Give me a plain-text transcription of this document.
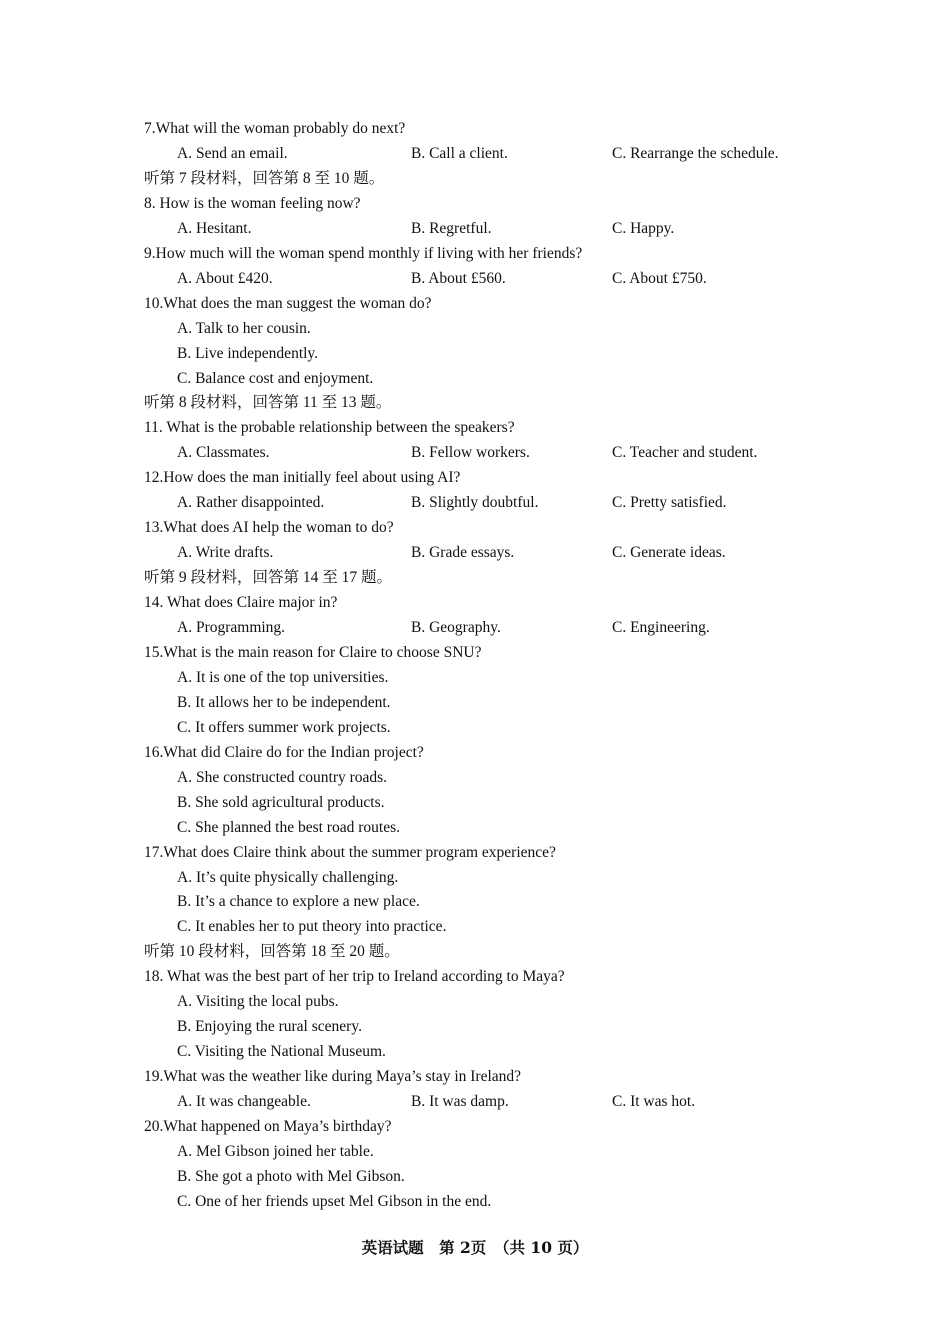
7.What will the woman probably do next?
A. Send an email.	B. Call a client.	C. Rearrange the schedule.
听第 7 段材料，回答第 8 至 10 题。
8. How is the woman feeling now?
A. Hesitant.	B. Regretful.	C. Happy.
9.How much will the woman spend monthly if living with her friends?
A. About £420.	B. About £560.	C. About £750.
10.What does the man suggest the woman do?
A. Talk to her cousin.
B. Live independently.
C. Balance cost and enjoyment.
听第 8 段材料，回答第 11 至 13 题。
11. What is the probable relationship between the speakers?
A. Classmates.	B. Fellow workers.	C. Teacher and student.
12.How does the man initially feel about using AI?
A. Rather disappointed.	B. Slightly doubtful.	C. Pretty satisfied.
13.What does AI help the woman to do?
A. Write drafts.	B. Grade essays.	C. Generate ideas.
听第 9 段材料，回答第 14 至 17 题。
14. What does Claire major in?
A. Programming.	B. Geography.	C. Engineering.
15.What is the main reason for Claire to choose SNU?
A. It is one of the top universities.
B. It allows her to be independent.
C. It offers summer work projects.
16.What did Claire do for the Indian project?
A. She constructed country roads.
B. She sold agricultural products.
C. She planned the best road routes.
17.What does Claire think about the summer program experience?
A. It’s quite physically challenging.
B. It’s a chance to explore a new place.
C. It enables her to put theory into practice.
听第 10 段材料，回答第 18 至 20 题。
18. What was the best part of her trip to Ireland according to Maya?
A. Visiting the local pubs.
B. Enjoying the rural scenery.
C. Visiting the National Museum.
19.What was the weather like during Maya’s stay in Ireland?
A. It was changeable.	B. It was damp.	C. It was hot.
20.What happened on Maya’s birthday?
A. Mel Gibson joined her table.
B. She got a photo with Mel Gibson.
C. One of her friends upset Mel Gibson in the end.
英语试题　第 2页　（共 10 页）
